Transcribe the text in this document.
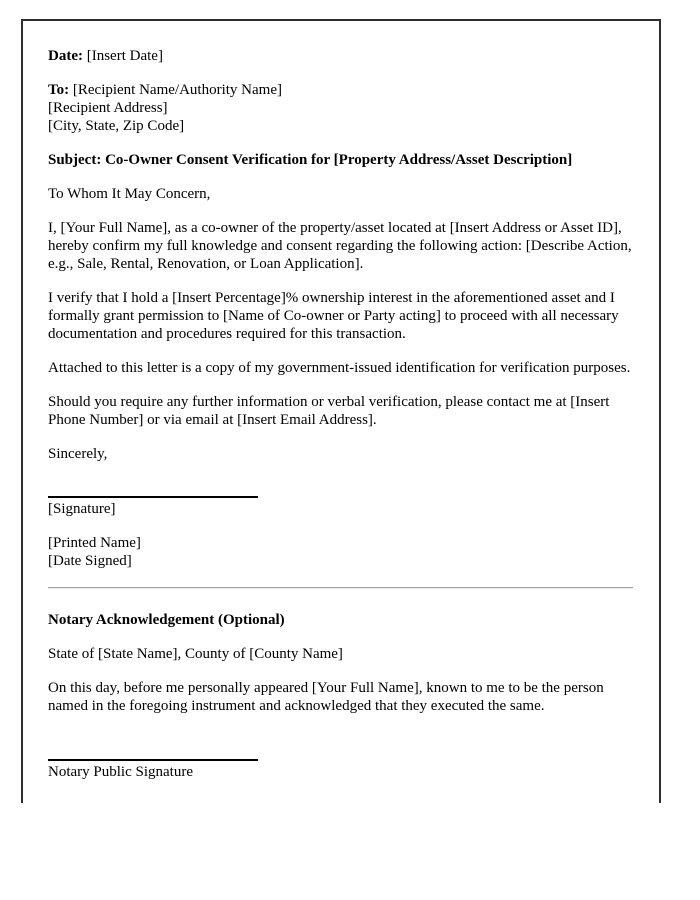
Date: [Insert Date]

To: [Recipient Name/Authority Name]

[Recipient Address]

[City, State, Zip Code]

Subject: Co-Owner Consent Verification for [Property Address/Asset Description]

To Whom It May Concern,

I, [Your Full Name], as a co-owner of the property/asset located at [Insert Address or Asset ID], hereby confirm my full knowledge and consent regarding the following action: [Describe Action, e.g., Sale, Rental, Renovation, or Loan Application].

I verify that I hold a [Insert Percentage]% ownership interest in the aforementioned asset and I formally grant permission to [Name of Co-owner or Party acting] to proceed with all necessary documentation and procedures required for this transaction.

Attached to this letter is a copy of my government-issued identification for verification purposes.

Should you require any further information or verbal verification, please contact me at [Insert Phone Number] or via email at [Insert Email Address].

Sincerely,

[Signature]

[Printed Name]

[Date Signed]

Notary Acknowledgement (Optional)

State of [State Name], County of [County Name]

On this day, before me personally appeared [Your Full Name], known to me to be the person named in the foregoing instrument and acknowledged that they executed the same.

Notary Public Signature
